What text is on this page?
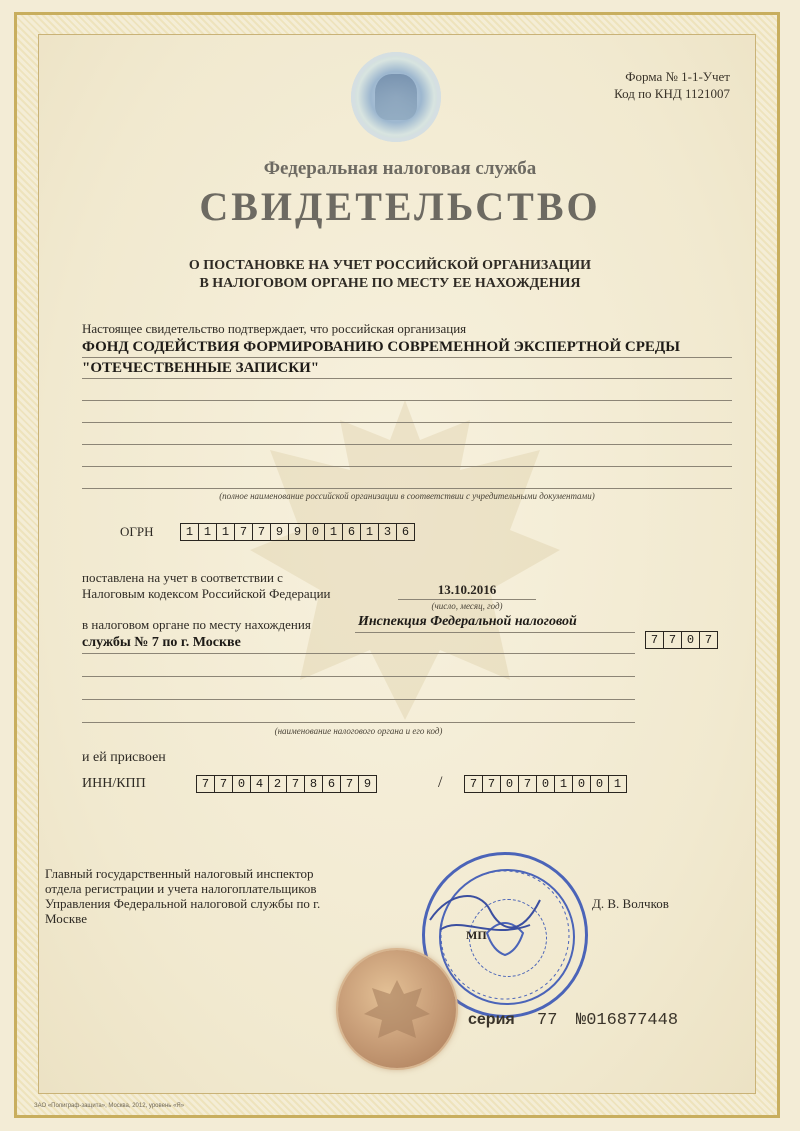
Форма № 1-1-Учет
Код по КНД 1121007
Федеральная налоговая служба
СВИДЕТЕЛЬСТВО
О ПОСТАНОВКЕ НА УЧЕТ РОССИЙСКОЙ ОРГАНИЗАЦИИ
В НАЛОГОВОМ ОРГАНЕ ПО МЕСТУ ЕЕ НАХОЖДЕНИЯ
Настоящее свидетельство подтверждает, что российская организация
ФОНД СОДЕЙСТВИЯ ФОРМИРОВАНИЮ СОВРЕМЕННОЙ ЭКСПЕРТНОЙ СРЕДЫ
"ОТЕЧЕСТВЕННЫЕ ЗАПИСКИ"
(полное наименование российской организации в соответствии с учредительными документами)
ОГРН	1 1 1 7 7 9 9 0 1 6 1 3 6
поставлена на учет в соответствии с
Налоговым кодексом Российской Федерации	13.10.2016
(число, месяц, год)
в налоговом органе по месту нахождения	Инспекция Федеральной налоговой
службы № 7 по г. Москве	7 7 0 7
(наименование налогового органа и его код)
и ей присвоен
ИНН/КПП	7 7 0 4 2 7 8 6 7 9	/	7 7 0 7 0 1 0 0 1
Главный государственный налоговый инспектор
отдела регистрации и учета налогоплательщиков
Управления Федеральной налоговой службы по г.
Москве
Д. В. Волчков
МП
серия 77 №016877448
ЗАО «Полиграф-защита», Москва, 2012, уровень «Я»
